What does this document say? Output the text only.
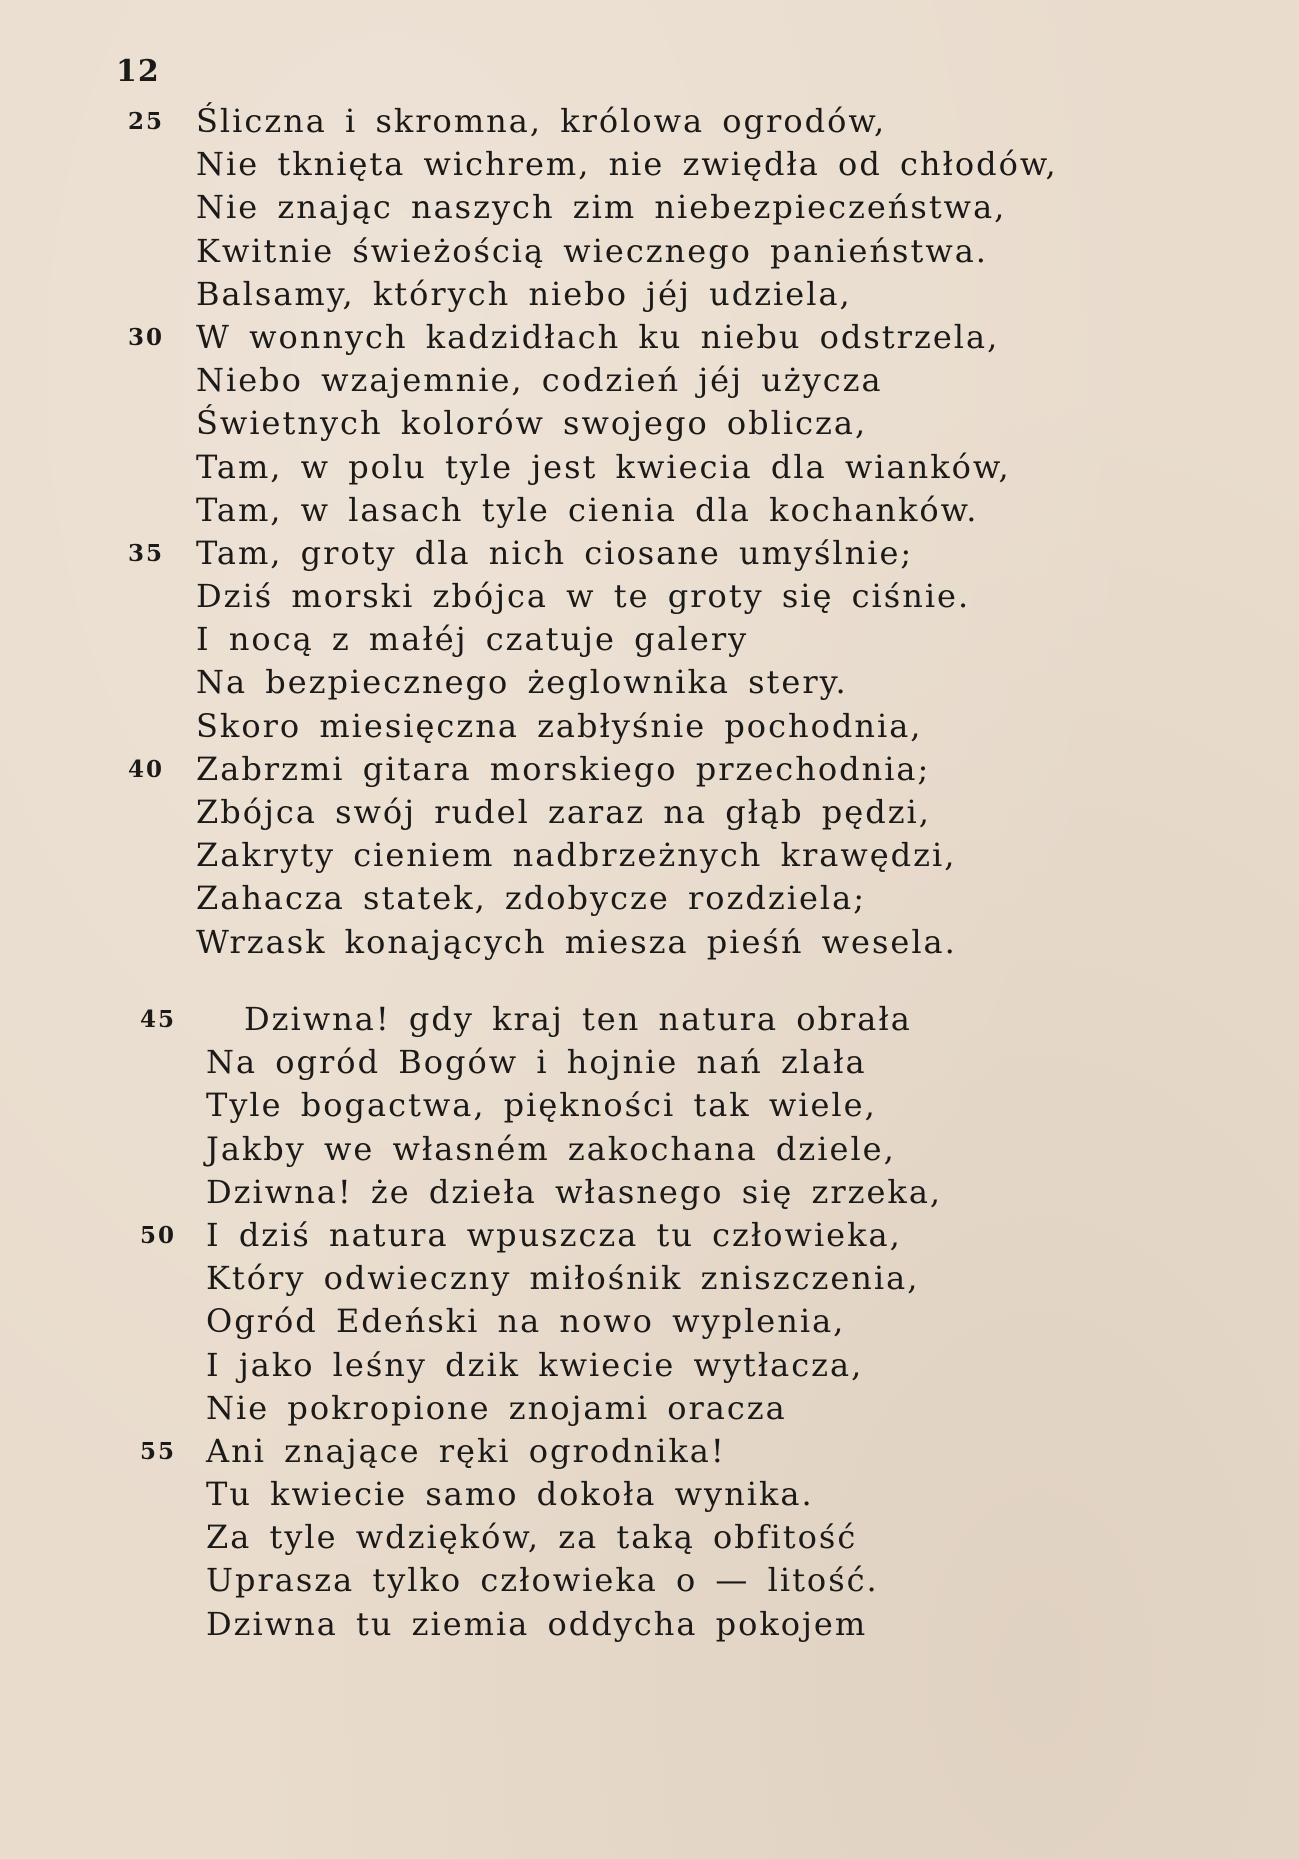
12
25 Śliczna i skromna, królowa ogrodów,
Nie tknięta wichrem, nie zwiędła od chłodów,
Nie znając naszych zim niebezpieczeństwa,
Kwitnie świeżością wiecznego panieństwa.
Balsamy, których niebo jéj udziela,
30 W wonnych kadzidłach ku niebu odstrzela,
Niebo wzajemnie, codzień jéj użycza
Świetnych kolorów swojego oblicza,
Tam, w polu tyle jest kwiecia dla wianków,
Tam, w lasach tyle cienia dla kochanków.
35 Tam, groty dla nich ciosane umyślnie;
Dziś morski zbójca w te groty się ciśnie.
I nocą z małéj czatuje galery
Na bezpiecznego żeglownika stery.
Skoro miesięczna zabłyśnie pochodnia,
40 Zabrzmi gitara morskiego przechodnia;
Zbójca swój rudel zaraz na głąb pędzi,
Zakryty cieniem nadbrzeżnych krawędzi,
Zahacza statek, zdobycze rozdziela;
Wrzask konających miesza pieśń wesela.
45	Dziwna! gdy kraj ten natura obrała
Na ogród Bogów i hojnie nań zlała
Tyle bogactwa, piękności tak wiele,
Jakby we własném zakochana dziele,
Dziwna! że dzieła własnego się zrzeka,
50 I dziś natura wpuszcza tu człowieka,
Który odwieczny miłośnik zniszczenia,
Ogród Edeński na nowo wyplenia,
I jako leśny dzik kwiecie wytłacza,
Nie pokropione znojami oracza
55 Ani znające ręki ogrodnika!
Tu kwiecie samo dokoła wynika.
Za tyle wdzięków, za taką obfitość
Uprasza tylko człowieka o — litość.
Dziwna tu ziemia oddycha pokojem
